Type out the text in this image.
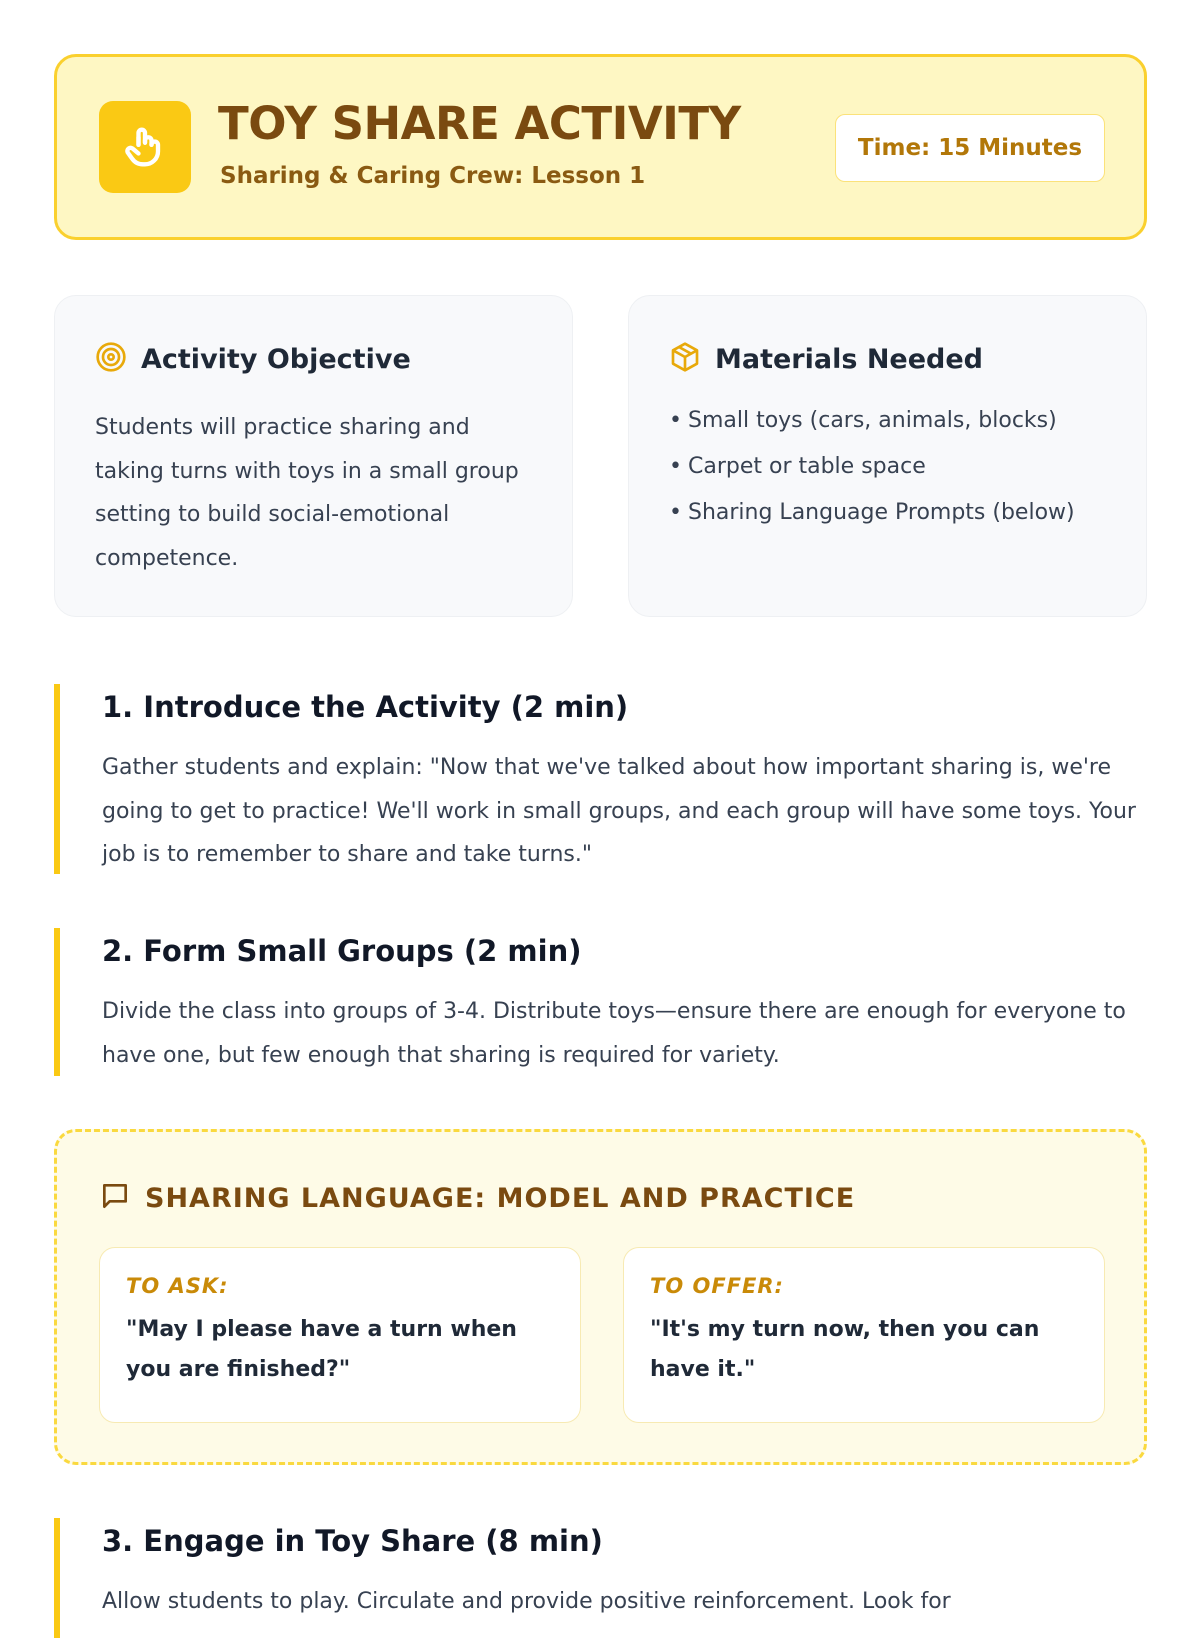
TOY SHARE ACTIVITY
Sharing & Caring Crew: Lesson 1
Time: 15 Minutes
Activity Objective
Students will practice sharing and taking turns with toys in a small group setting to build social-emotional competence.
Materials Needed
• Small toys (cars, animals, blocks)
• Carpet or table space
• Sharing Language Prompts (below)
1. Introduce the Activity (2 min)
Gather students and explain: "Now that we've talked about how important sharing is, we're going to get to practice! We'll work in small groups, and each group will have some toys. Your job is to remember to share and take turns."
2. Form Small Groups (2 min)
Divide the class into groups of 3-4. Distribute toys—ensure there are enough for everyone to have one, but few enough that sharing is required for variety.
SHARING LANGUAGE: MODEL AND PRACTICE
TO ASK:
"May I please have a turn when you are finished?"
TO OFFER:
"It's my turn now, then you can have it."
3. Engage in Toy Share (8 min)
Allow students to play. Circulate and provide positive reinforcement. Look for
